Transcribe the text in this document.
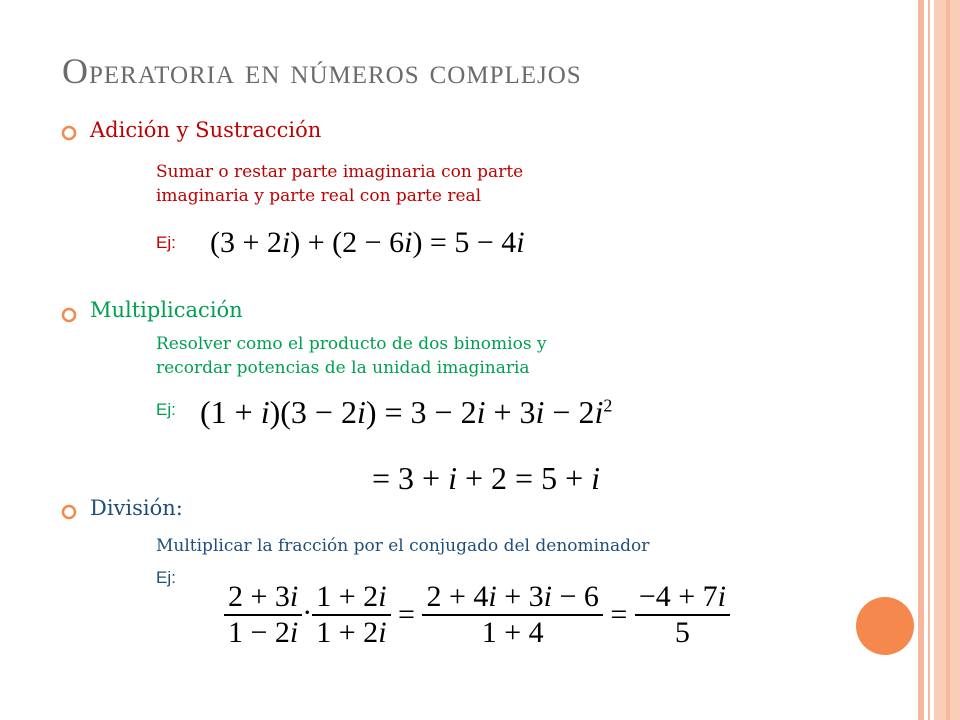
Operatoria en números complejos
Adición y Sustracción
Sumar o restar parte imaginaria con parte
imaginaria y parte real con parte real
Ej: (3 + 2i) + (2 − 6i) = 5 − 4i
Multiplicación
Resolver como el producto de dos binomios y
recordar potencias de la unidad imaginaria
Ej: $(1 + i)(3 - 2i) = 3 - 2i + 3i - 2i^2$
= 3 + i + 2 = 5 + i
División:
Multiplicar la fracción por el conjugado del denominador
Ej:
$\frac{2 + 3i}{1 - 2i} \cdot \frac{1 + 2i}{1 + 2i} = \frac{2 + 4i + 3i - 6}{1 + 4} = \frac{-4 + 7i}{5}$
